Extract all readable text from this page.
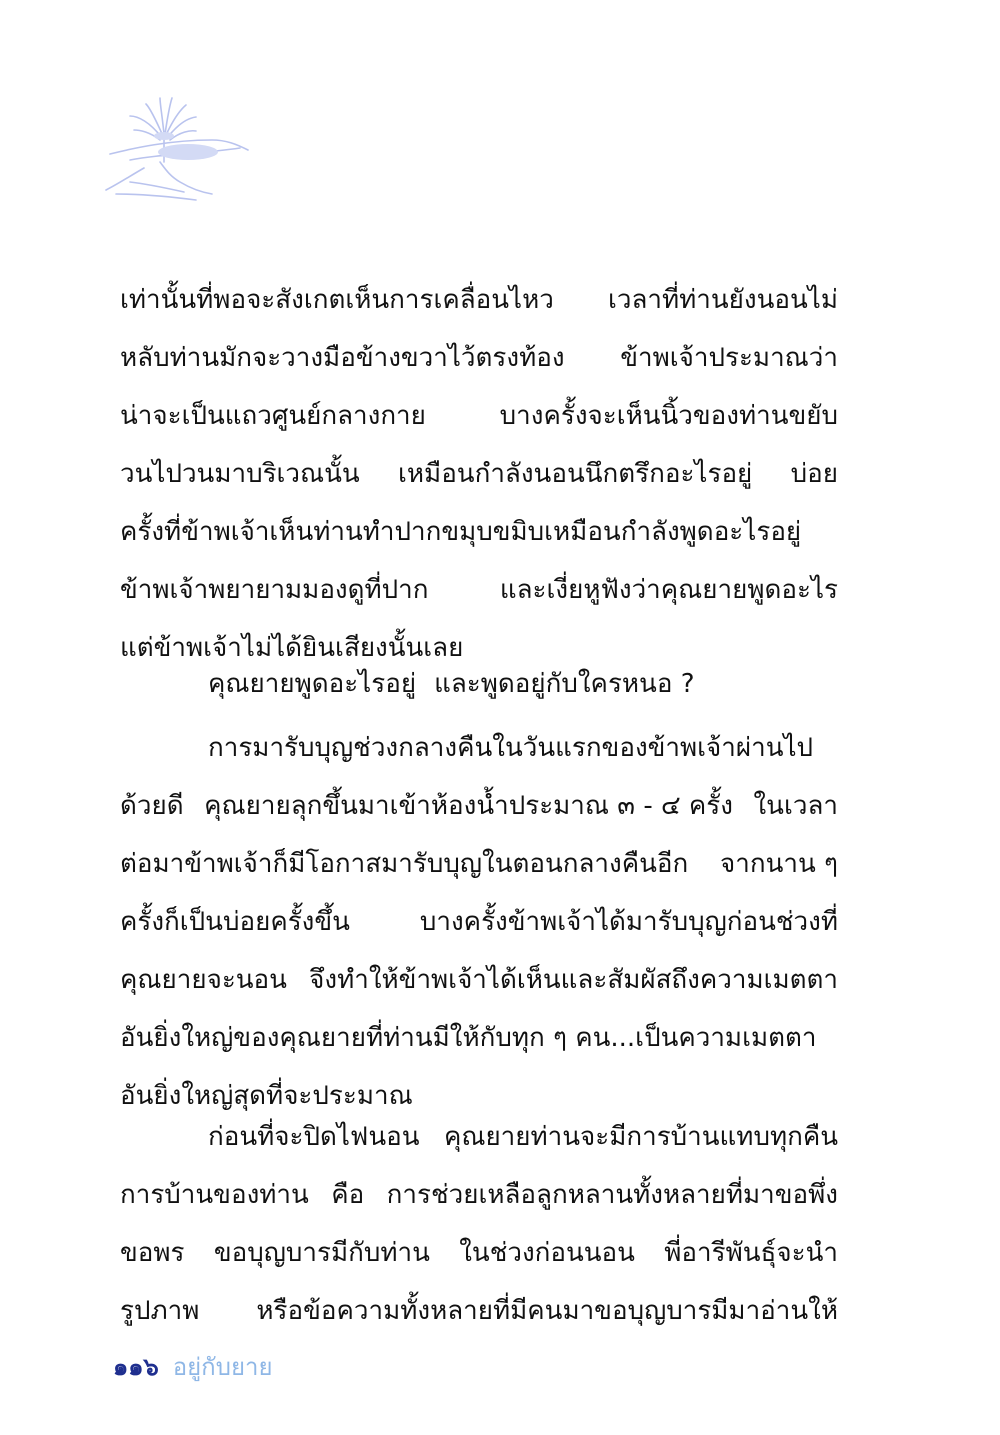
เท่านั้นที่พอจะสังเกตเห็นการเคลื่อนไหว เวลาที่ท่านยังนอนไม่
หลับท่านมักจะวางมือข้างขวาไว้ตรงท้อง ข้าพเจ้าประมาณว่า
น่าจะเป็นแถวศูนย์กลางกาย	บางครั้งจะเห็นนิ้วของท่านขยับ
วนไปวนมาบริเวณนั้น เหมือนกำลังนอนนึกตรึกอะไรอยู่ บ่อย
ครั้งที่ข้าพเจ้าเห็นท่านทำปากขมุบขมิบเหมือนกำลังพูดอะไรอยู่
ข้าพเจ้าพยายามมองดูที่ปาก	และเงี่ยหูฟังว่าคุณยายพูดอะไร
แต่ข้าพเจ้าไม่ได้ยินเสียงนั้นเลย
คุณยายพูดอะไรอยู่ และพูดอยู่กับใครหนอ ?
การมารับบุญช่วงกลางคืนในวันแรกของข้าพเจ้าผ่านไป
ด้วยดี คุณยายลุกขึ้นมาเข้าห้องน้ำประมาณ ๓ - ๔ ครั้ง ในเวลา
ต่อมาข้าพเจ้าก็มีโอกาสมารับบุญในตอนกลางคืนอีก จากนาน ๆ
ครั้งก็เป็นบ่อยครั้งขึ้น	บางครั้งข้าพเจ้าได้มารับบุญก่อนช่วงที่
คุณยายจะนอน จึงทำให้ข้าพเจ้าได้เห็นและสัมผัสถึงความเมตตา
อันยิ่งใหญ่ของคุณยายที่ท่านมีให้กับทุก ๆ คน...เป็นความเมตตา
อันยิ่งใหญ่สุดที่จะประมาณ
ก่อนที่จะปิดไฟนอน คุณยายท่านจะมีการบ้านแทบทุกคืน
การบ้านของท่าน คือ การช่วยเหลือลูกหลานทั้งหลายที่มาขอพึ่ง
ขอพร ขอบุญบารมีกับท่าน ในช่วงก่อนนอน พี่อารีพันธุ์จะนำ
รูปภาพ หรือข้อความทั้งหลายที่มีคนมาขอบุญบารมีมาอ่านให้
๑๑๖ อยู่กับยาย
